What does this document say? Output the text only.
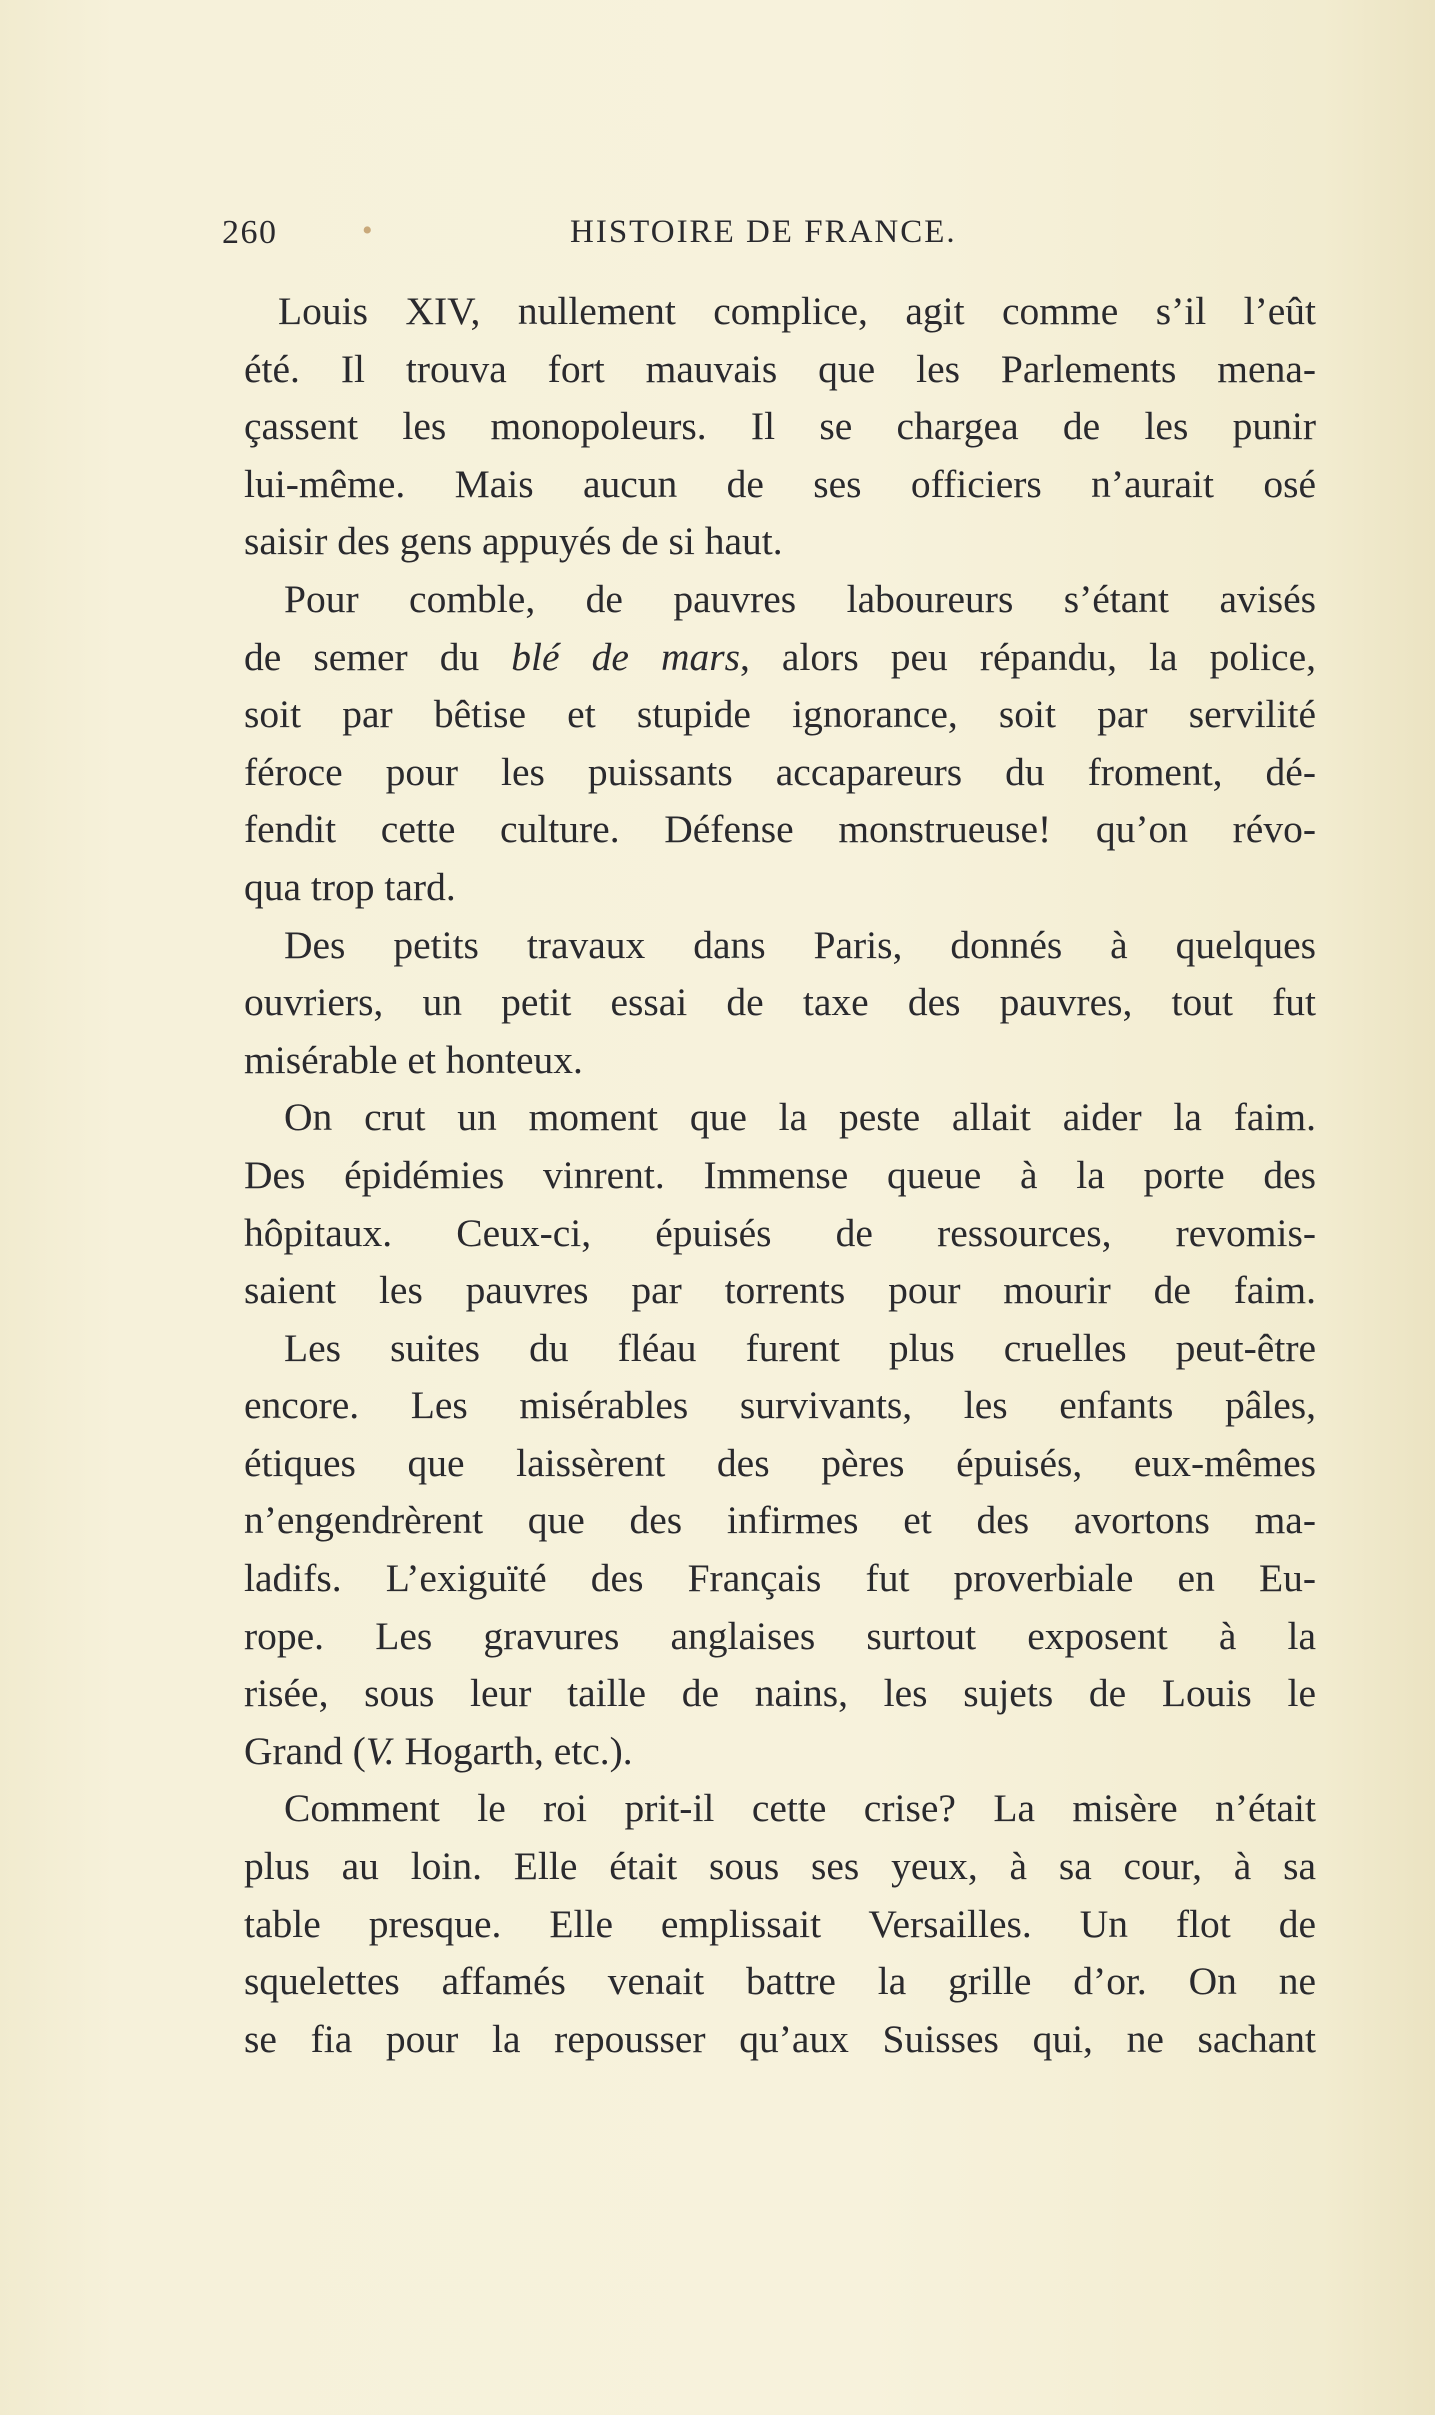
260	•	HISTOIRE DE FRANCE.

Louis XIV, nullement complice, agit comme s’il l’eût
été. Il trouva fort mauvais que les Parlements mena-
çassent les monopoleurs. Il se chargea de les punir
lui-même. Mais aucun de ses officiers n’aurait osé
saisir des gens appuyés de si haut.

Pour comble, de pauvres laboureurs s’étant avisés
de semer du blé de mars, alors peu répandu, la police,
soit par bêtise et stupide ignorance, soit par servilité
féroce pour les puissants accapareurs du froment, dé-
fendit cette culture. Défense monstrueuse! qu’on révo-
qua trop tard.

Des petits travaux dans Paris, donnés à quelques
ouvriers, un petit essai de taxe des pauvres, tout fut
misérable et honteux.

On crut un moment que la peste allait aider la faim.
Des épidémies vinrent. Immense queue à la porte des
hôpitaux. Ceux-ci, épuisés de ressources, revomis-
saient les pauvres par torrents pour mourir de faim.

Les suites du fléau furent plus cruelles peut-être
encore. Les misérables survivants, les enfants pâles,
étiques que laissèrent des pères épuisés, eux-mêmes
n’engendrèrent que des infirmes et des avortons ma-
ladifs. L’exiguïté des Français fut proverbiale en Eu-
rope. Les gravures anglaises surtout exposent à la
risée, sous leur taille de nains, les sujets de Louis le
Grand (V. Hogarth, etc.).

Comment le roi prit-il cette crise? La misère n’était
plus au loin. Elle était sous ses yeux, à sa cour, à sa
table presque. Elle emplissait Versailles. Un flot de
squelettes affamés venait battre la grille d’or. On ne
se fia pour la repousser qu’aux Suisses qui, ne sachant
